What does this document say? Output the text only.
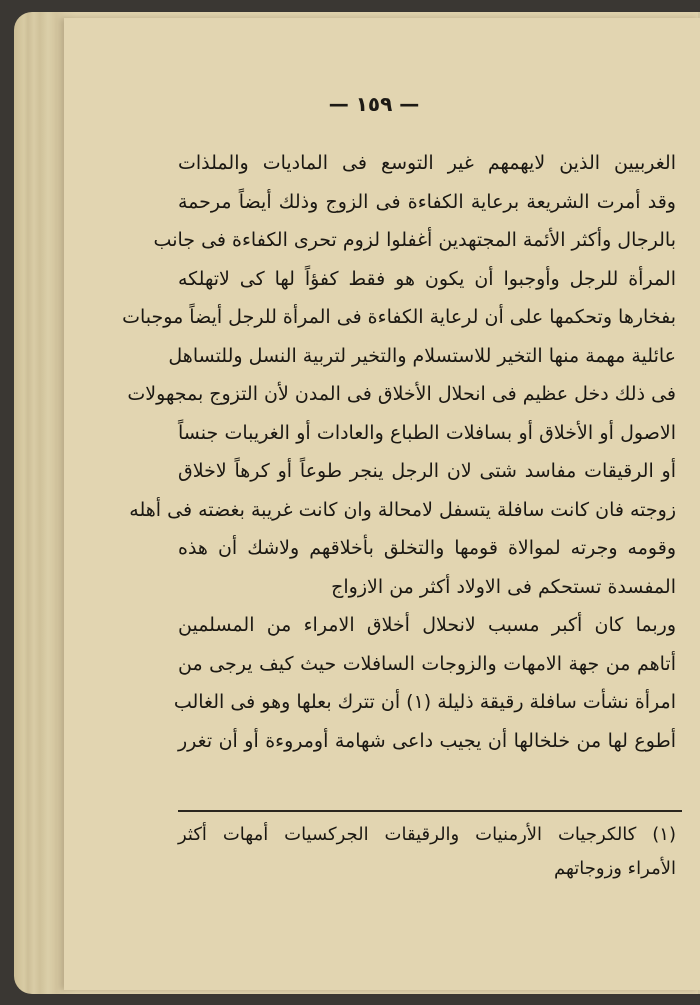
— ١٥٩ —
الغربيين الذين لايهمهم غير التوسع فى الماديات والملذات
وقد أمرت الشريعة برعاية الكفاءة فى الزوج وذلك أيضاً مرحمة
بالرجال وأكثر الأئمة المجتهدين أغفلوا لزوم تحرى الكفاءة فى جانب
المرأة للرجل وأوجبوا أن يكون هو فقط كفؤاً لها كى لاتهلكه
بفخارها وتحكمها على أن لرعاية الكفاءة فى المرأة للرجل أيضاً موجبات
عائلية مهمة منها التخير للاستسلام والتخير لتربية النسل وللتساهل
فى ذلك دخل عظيم فى انحلال الأخلاق فى المدن لأن التزوج بمجهولات
الاصول أو الأخلاق أو بسافلات الطباع والعادات أو الغريبات جنساً
أو الرقيقات مفاسد شتى لان الرجل ينجر طوعاً أو كرهاً لاخلاق
زوجته فان كانت سافلة يتسفل لامحالة وان كانت غريبة بغضته فى أهله
وقومه وجرته لموالاة قومها والتخلق بأخلاقهم ولاشك أن هذه
المفسدة تستحكم فى الاولاد أكثر من الازواج
وربما كان أكبر مسبب لانحلال أخلاق الامراء من المسلمين
أتاهم من جهة الامهات والزوجات السافلات حيث كيف يرجى من
امرأة نشأت سافلة رقيقة ذليلة (١) أن تترك بعلها وهو فى الغالب
أطوع لها من خلخالها أن يجيب داعى شهامة أومروءة أو أن تغرر
(١) كالكرجيات الأرمنيات والرقيقات الجركسيات أمهات أكثر
الأمراء وزوجاتهم
